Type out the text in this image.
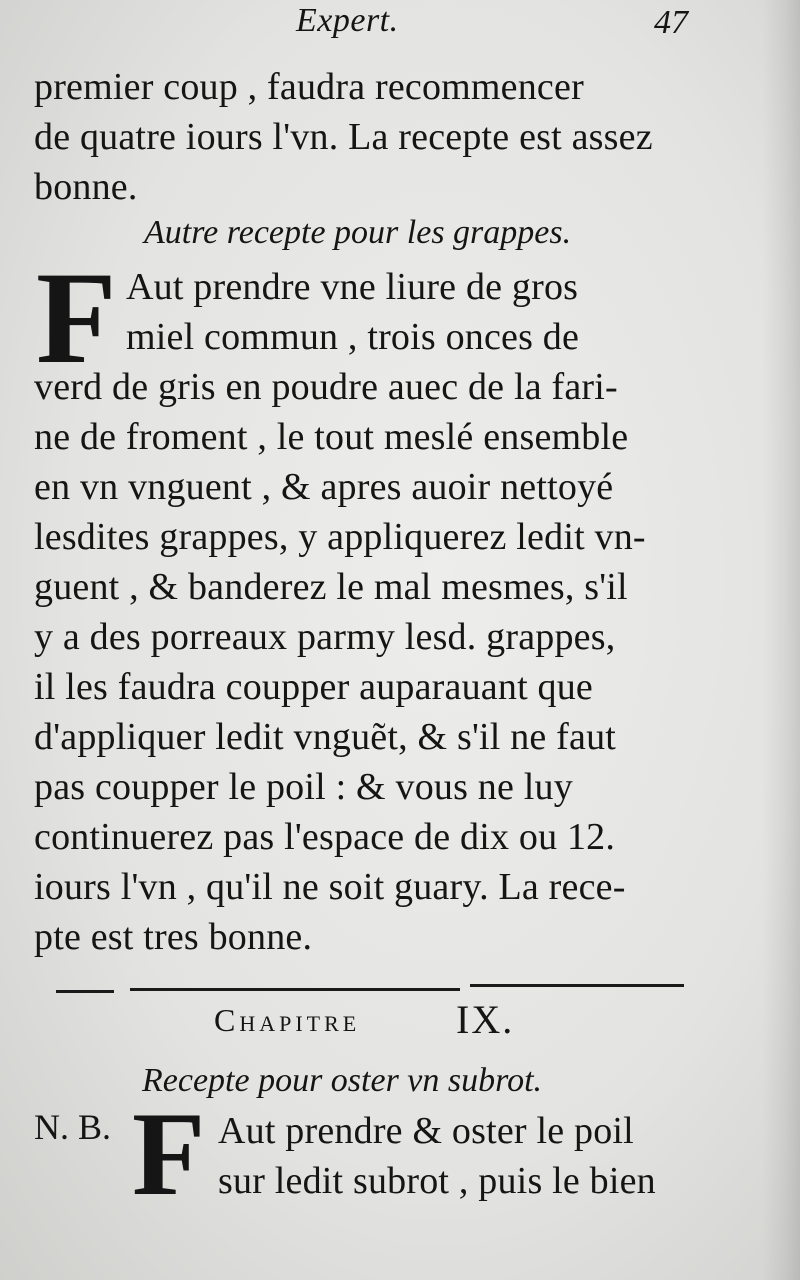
Expert.	47
premier coup , faudra recommencer
de quatre iours l'vn. La recepte est assez
bonne.
Autre recepte pour les grappes.
F Aut prendre vne liure de gros
miel commun , trois onces de
verd de gris en poudre auec de la fari-
ne de froment , le tout meslé ensemble
en vn vnguent , & apres auoir nettoyé
lesdites grappes, y appliquerez ledit vn-
guent , & banderez le mal mesmes, s'il
y a des porreaux parmy lesd. grappes,
il les faudra coupper auparauant que
d'appliquer ledit vnguẽt, & s'il ne faut
pas coupper le poil : & vous ne luy
continuerez pas l'espace de dix ou 12.
iours l'vn , qu'il ne soit guary. La rece-
pte est tres bonne.
Chapitre IX.
Recepte pour oster vn subrot.
N. B. F Aut prendre & oster le poil
sur ledit subrot , puis le bien
